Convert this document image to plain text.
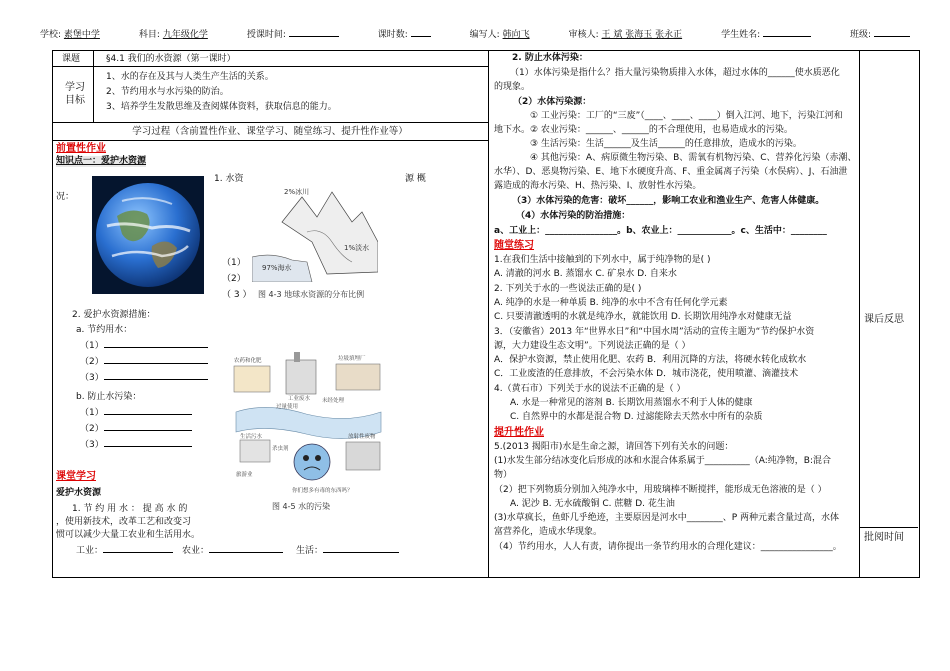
学校: 素堡中学	科目: 九年级化学	授课时间:	课时数:	编写人: 韩向飞	审核人: 王 斌 张海玉 张永正	学生姓名:	班级:
课题	§4.1 我们的水资源（第一课时）
学习
目标
1、水的存在及其与人类生产生活的关系。
2、节约用水与水污染的防治。
3、培养学生发散思维及查阅媒体资料，获取信息的能力。
学习过程（含前置性作业、课堂学习、随堂练习、提升性作业等）
前置性作业
知识点一：爱护水资源
1. 水资	源 概
况：	2%冰川
97%海水
1%淡水
（1）
（2）
（ 3 ） 图 4-3 地球水资源的分布比例
2. 爱护水资源措施：
a. 节约用水：
（1）
（2）
（3）
b. 防止水污染：
（1）
（2）
（3）
农药和化肥
工业废水
垃圾填埋厂
生活污水
过量使用
杀虫剂
未经处理
放射性废物
旅游业
你们想多有毒的东西吗？
图 4-5 水的污染
课堂学习
爱护水资源
1. 节 约 用 水 ： 提 高 水 的
，使用新技术，改革工艺和改变习
惯可以减少大量工农业和生活用水。
工业：	农业：	生活：
2. 防止水体污染：
（1）水体污染是指什么？指大量污染物质排入水体，超过水体的______使水质恶化
的现象。
（2）水体污染源：
① 工业污染：工厂的“三废”（____、____、____）倒入江河、地下，污染江河和
地下水。② 农业污染：______、______的不合理使用，也易造成水的污染。
③ 生活污染：生活______及生活______的任意排放，造成水的污染。
④ 其他污染：A、病原微生物污染、B、需氧有机物污染、C、营养化污染（赤潮、
水华）、D、恶臭物污染、E、地下水硬度升高、F、重金属离子污染（水俣病）、J、石油泄
露造成的海水污染、H、热污染、I、放射性水污染。
（3）水体污染的危害：破坏______，影响工农业和渔业生产、危害人体健康。
（4）水体污染的防治措施：
a、工业上：________________。b、农业上：____________。c、生活中：________
随堂练习
1.在我们生活中接触到的下列水中，属于纯净物的是( )
A. 清澈的河水 B. 蒸馏水 C. 矿泉水 D. 自来水
2. 下列关于水的一些说法正确的是( )
A. 纯净的水是一种单质 B. 纯净的水中不含有任何化学元素
C. 只要清澈透明的水就是纯净水，就能饮用 D. 长期饮用纯净水对健康无益
3．（安徽省）2013 年“世界水日”和“中国水周”活动的宣传主题为“节约保护水资
源，大力建设生态文明”。下列说法正确的是（ ）
A．保护水资源，禁止使用化肥、农药 B．利用沉降的方法，将硬水转化成软水
C．工业废渣的任意排放，不会污染水体 D．城市浇花，使用喷灌、滴灌技术
4.（黄石市）下列关于水的说法不正确的是（ ）
A. 水是一种常见的溶剂 B. 长期饮用蒸馏水不利于人体的健康
C. 自然界中的水都是混合物 D. 过滤能除去天然水中所有的杂质
提升性作业
5.(2013 揭阳市)水是生命之源，请回答下列有关水的问题：
(1)水发生部分结冰变化后形成的冰和水混合体系属于__________（A:纯净物，B:混合
物）
（2）把下列物质分别加入纯净水中，用玻璃棒不断搅拌，能形成无色溶液的是（ ）
A. 泥沙 B. 无水硫酸铜 C. 蔗糖 D. 花生油
(3)水草疯长，鱼虾几乎绝迹，主要原因是河水中________、P 两种元素含量过高，水体
富营养化，造成水华现象。
（4）节约用水，人人有责，请你提出一条节约用水的合理化建议：________________。
课后反思
批阅时间
